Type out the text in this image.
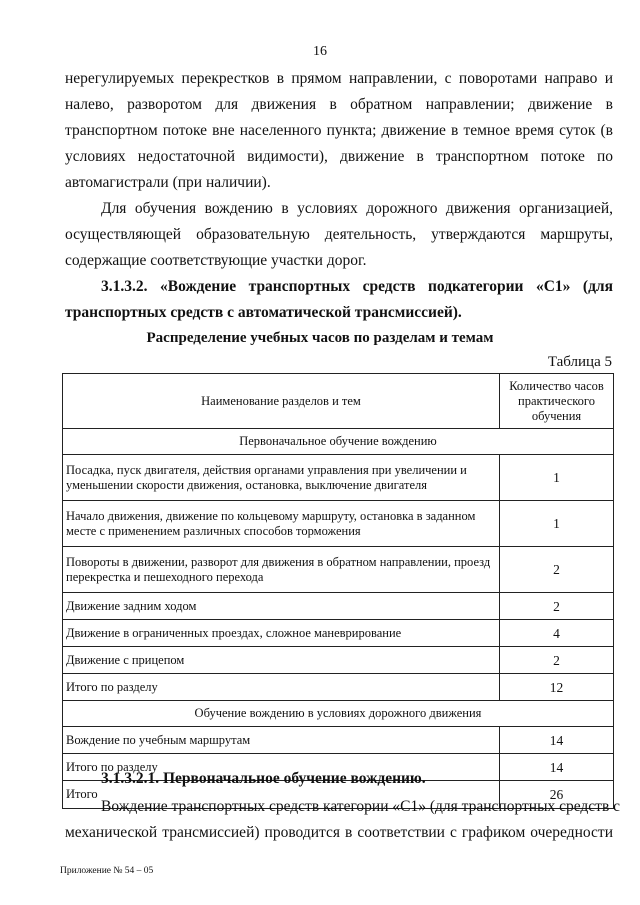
16

нерегулируемых перекрестков в прямом направлении, с поворотами направо и
налево, разворотом для движения в обратном направлении; движение в
транспортном потоке вне населенного пункта; движение в темное время суток (в
условиях недостаточной видимости), движение в транспортном потоке по
автомагистрали (при наличии).

Для обучения вождению в условиях дорожного движения организацией,
осуществляющей образовательную деятельность, утверждаются маршруты,
содержащие соответствующие участки дорог.

3.1.3.2. «Вождение транспортных средств подкатегории «С1» (для
транспортных средств с автоматической трансмиссией).

Распределение учебных часов по разделам и темам
Таблица 5
Наименование разделов и тем	Количество часов практического обучения
Первоначальное обучение вождению	
Посадка, пуск двигателя, действия органами управления при увеличении и уменьшении скорости движения, остановка, выключение двигателя	1
Начало движения, движение по кольцевому маршруту, остановка в заданном месте с применением различных способов торможения	1
Повороты в движении, разворот для движения в обратном направлении, проезд перекрестка и пешеходного перехода	2
Движение задним ходом	2
Движение в ограниченных проездах, сложное маневрирование	4
Движение с прицепом	2
Итого по разделу	12
Обучение вождению в условиях дорожного движения	
Вождение по учебным маршрутам	14
Итого по разделу	14
Итого	26

3.1.3.2.1. Первоначальное обучение вождению.

Вождение транспортных средств категории «С1» (для транспортных средств с
механической трансмиссией) проводится в соответствии с графиком очередности

Приложение № 54 – 05
